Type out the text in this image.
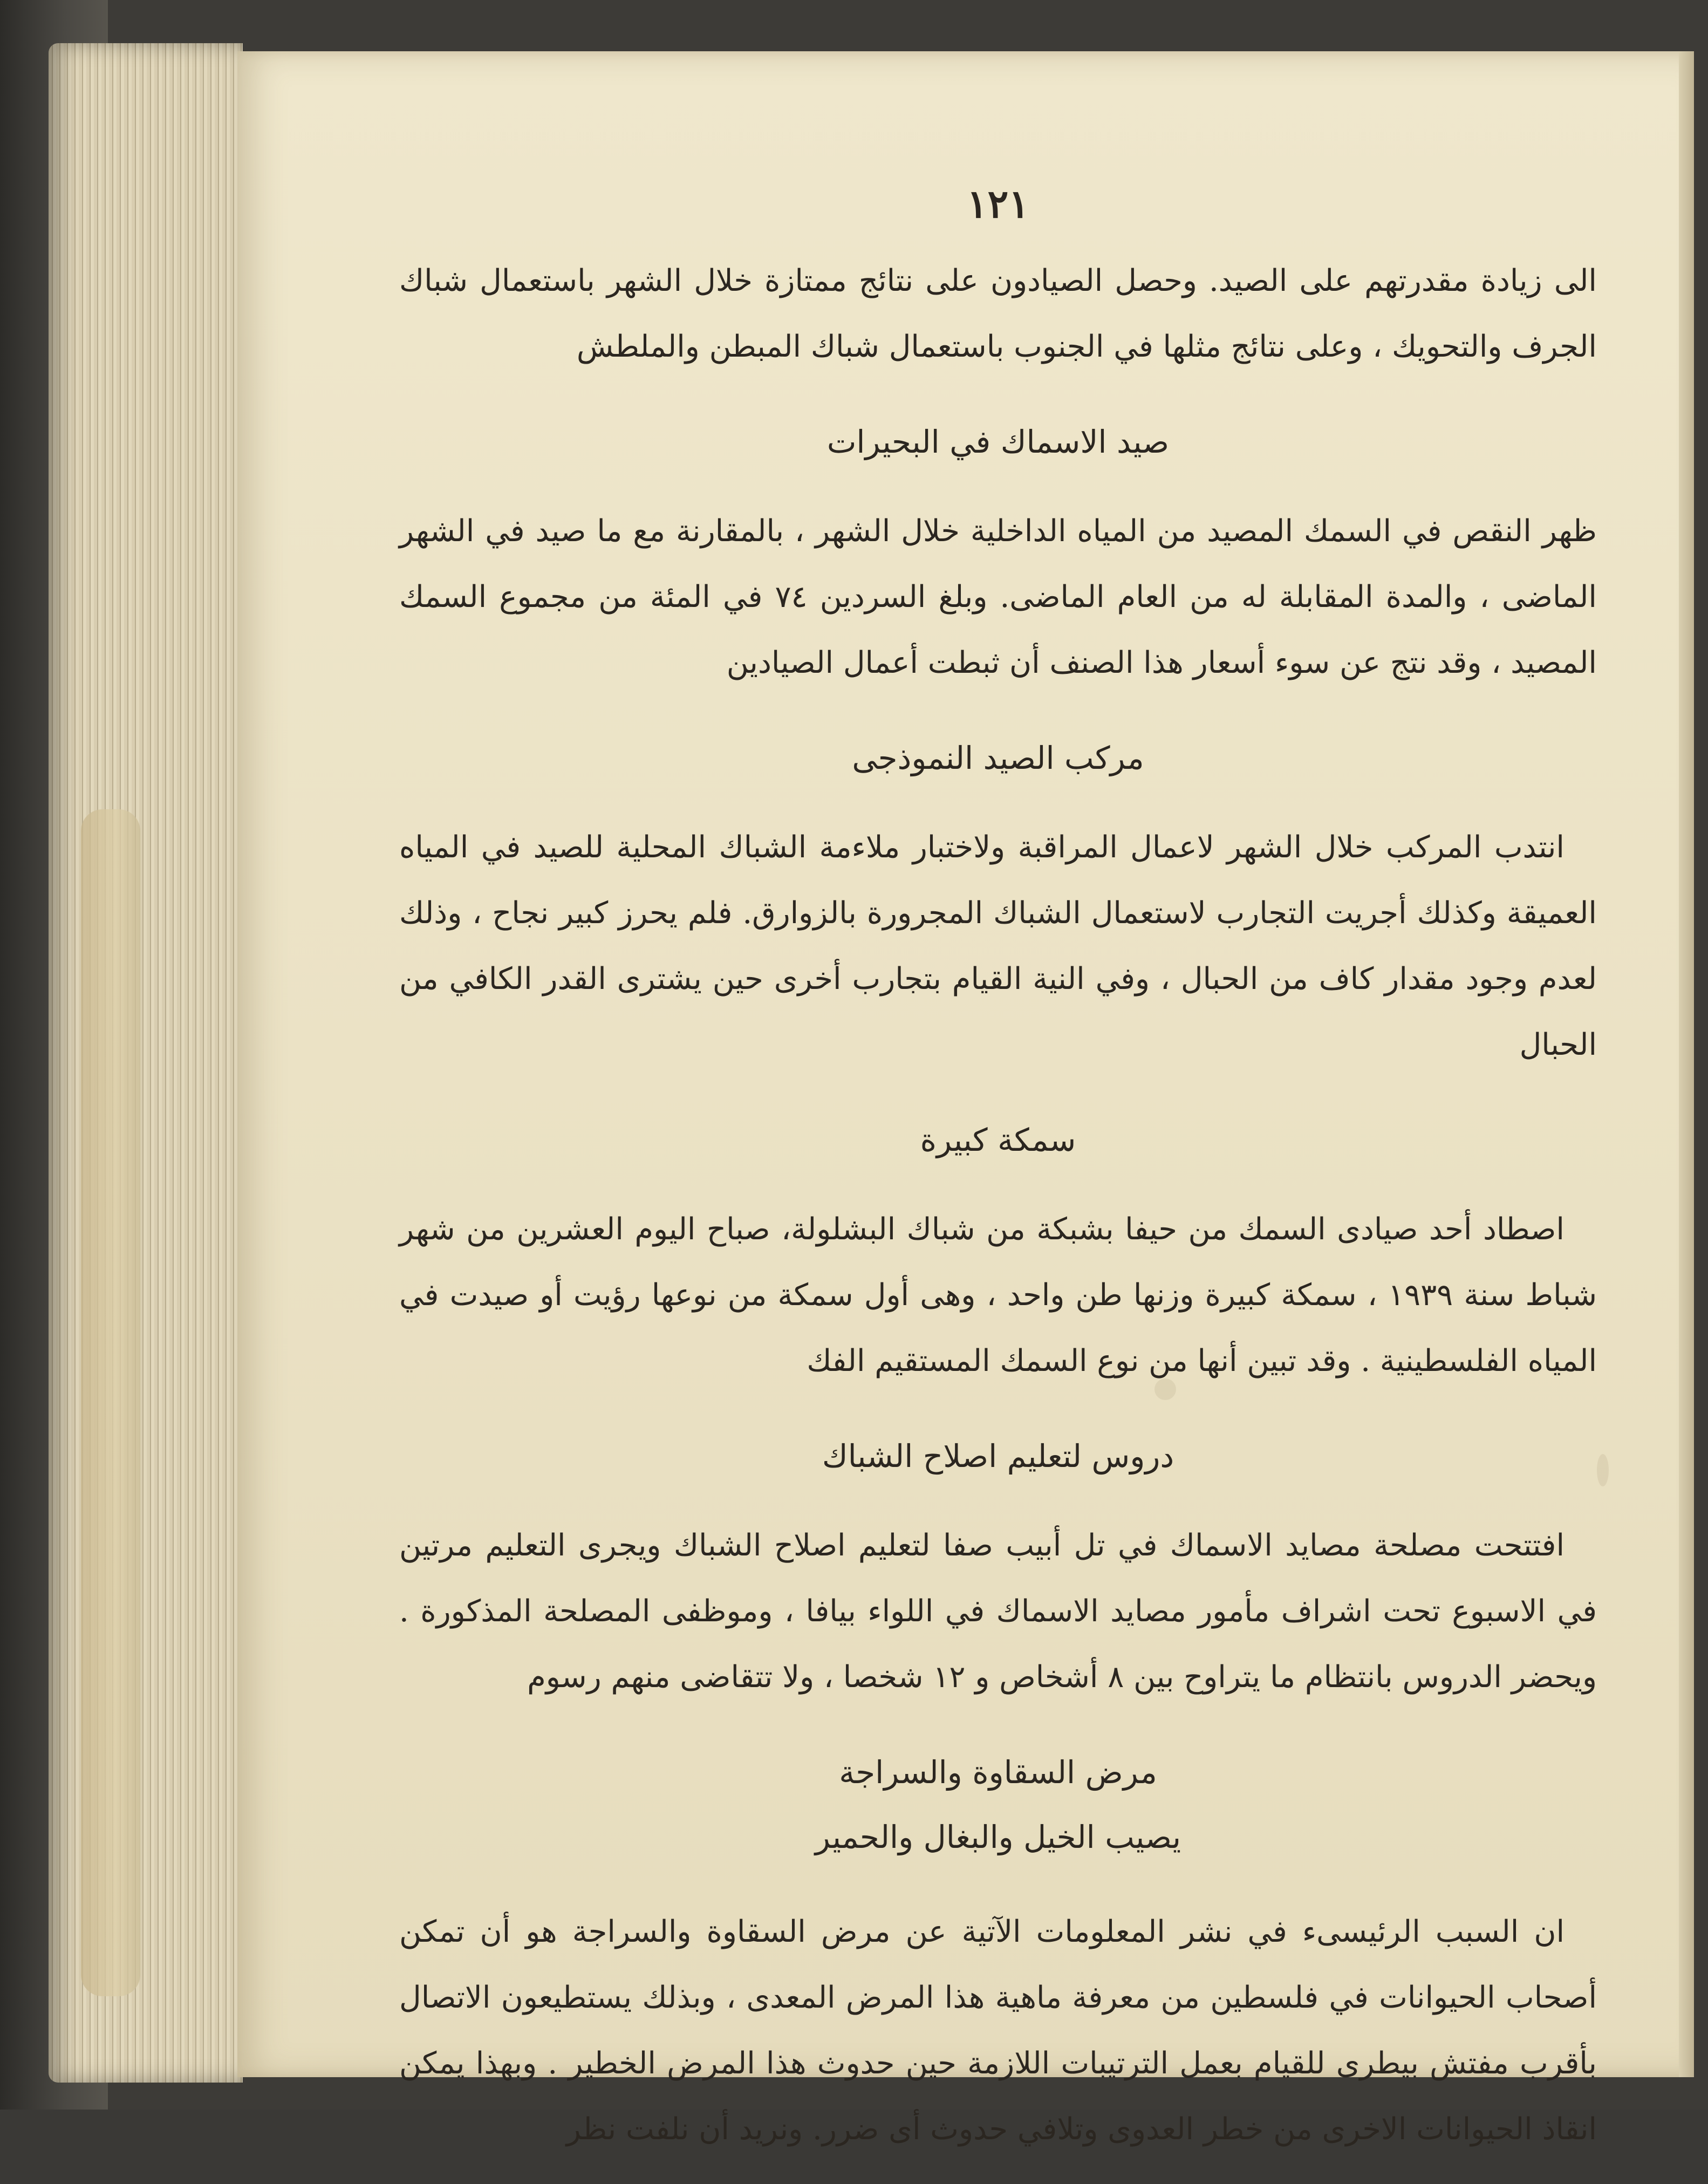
١٢١

الى زيادة مقدرتهم على الصيد. وحصل الصيادون على نتائج ممتازة خلال الشهر باستعمال شباك الجرف والتحويك ، وعلى نتائج مثلها في الجنوب باستعمال شباك المبطن والملطش

صيد الاسماك في البحيرات

ظهر النقص في السمك المصيد من المياه الداخلية خلال الشهر ، بالمقارنة مع ما صيد في الشهر الماضى ، والمدة المقابلة له من العام الماضى. وبلغ السردين ٧٤ في المئة من مجموع السمك المصيد ، وقد نتج عن سوء أسعار هذا الصنف أن ثبطت أعمال الصيادين

مركب الصيد النموذجى

انتدب المركب خلال الشهر لاعمال المراقبة ولاختبار ملاءمة الشباك المحلية للصيد في المياه العميقة وكذلك أجريت التجارب لاستعمال الشباك المجرورة بالزوارق. فلم يحرز كبير نجاح ، وذلك لعدم وجود مقدار كاف من الحبال ، وفي النية القيام بتجارب أخرى حين يشترى القدر الكافي من الحبال

سمكة كبيرة

اصطاد أحد صيادى السمك من حيفا بشبكة من شباك البشلولة، صباح اليوم العشرين من شهر شباط سنة ١٩٣٩ ، سمكة كبيرة وزنها طن واحد ، وهى أول سمكة من نوعها رؤيت أو صيدت في المياه الفلسطينية . وقد تبين أنها من نوع السمك المستقيم الفك

دروس لتعليم اصلاح الشباك

افتتحت مصلحة مصايد الاسماك في تل أبيب صفا لتعليم اصلاح الشباك ويجرى التعليم مرتين في الاسبوع تحت اشراف مأمور مصايد الاسماك في اللواء بيافا ، وموظفى المصلحة المذكورة . ويحضر الدروس بانتظام ما يتراوح بين ٨ أشخاص و ١٢ شخصا ، ولا تتقاضى منهم رسوم

مرض السقاوة والسراجة
يصيب الخيل والبغال والحمير

ان السبب الرئيسىء في نشر المعلومات الآتية عن مرض السقاوة والسراجة هو أن تمكن أصحاب الحيوانات في فلسطين من معرفة ماهية هذا المرض المعدى ، وبذلك يستطيعون الاتصال بأقرب مفتش بيطرى للقيام بعمل الترتيبات اللازمة حين حدوث هذا المرض الخطير . وبهذا يمكن انقاذ الحيوانات الاخرى من خطر العدوى وتلافي حدوث أى ضرر. ونريد أن نلفت نظر
